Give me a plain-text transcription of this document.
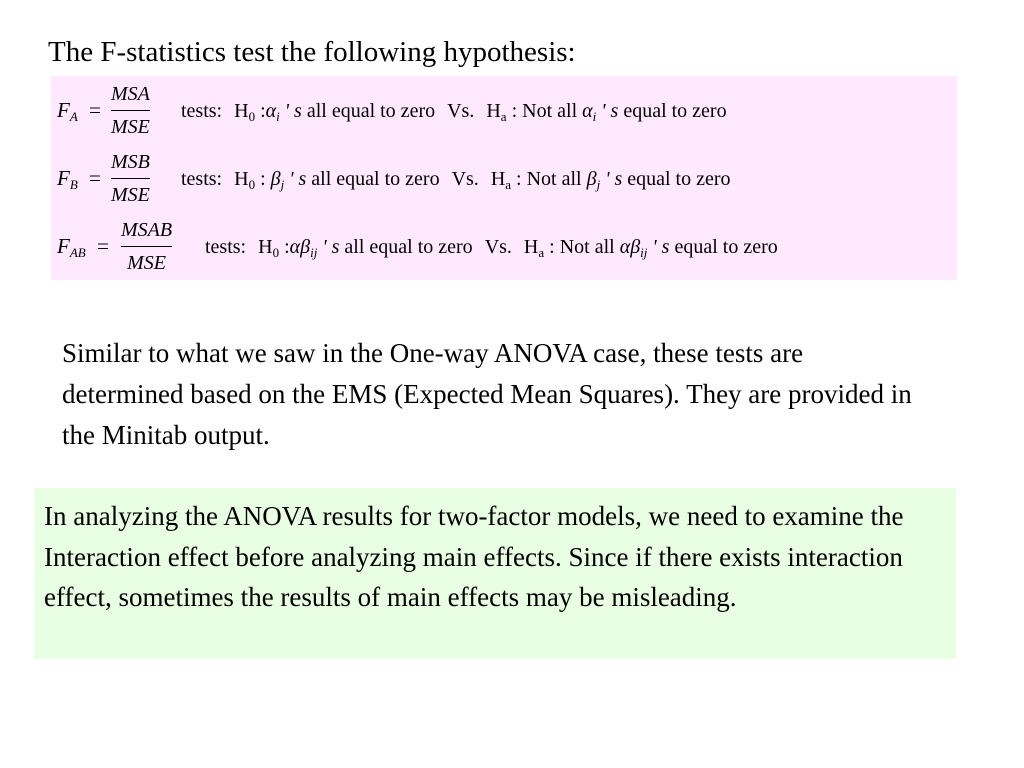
The F-statistics test the following hypothesis:
$F_A$ =
MSA
MSE
tests: $H_0$ $:\alpha_i$ ' s all equal to zero Vs. $H_a$ : Not all $\alpha_i$ ' s equal to zero
$F_B$ =
MSB
MSE
tests: $H_0$ : $\beta_j$ ' s all equal to zero Vs. $H_a$ : Not all $\beta_j$ ' s equal to zero
$F_{AB}$ =
MSAB
MSE
tests: $H_0$ $:\alpha\beta_{ij}$ ' s all equal to zero Vs. $H_a$ : Not all $\alpha\beta_{ij}$ ' s equal to zero
Similar to what we saw in the One-way ANOVA case, these tests are determined based on the EMS (Expected Mean Squares). They are provided in the Minitab output.
In analyzing the ANOVA results for two-factor models, we need to examine the Interaction effect before analyzing main effects. Since if there exists interaction effect, sometimes the results of main effects may be misleading.
